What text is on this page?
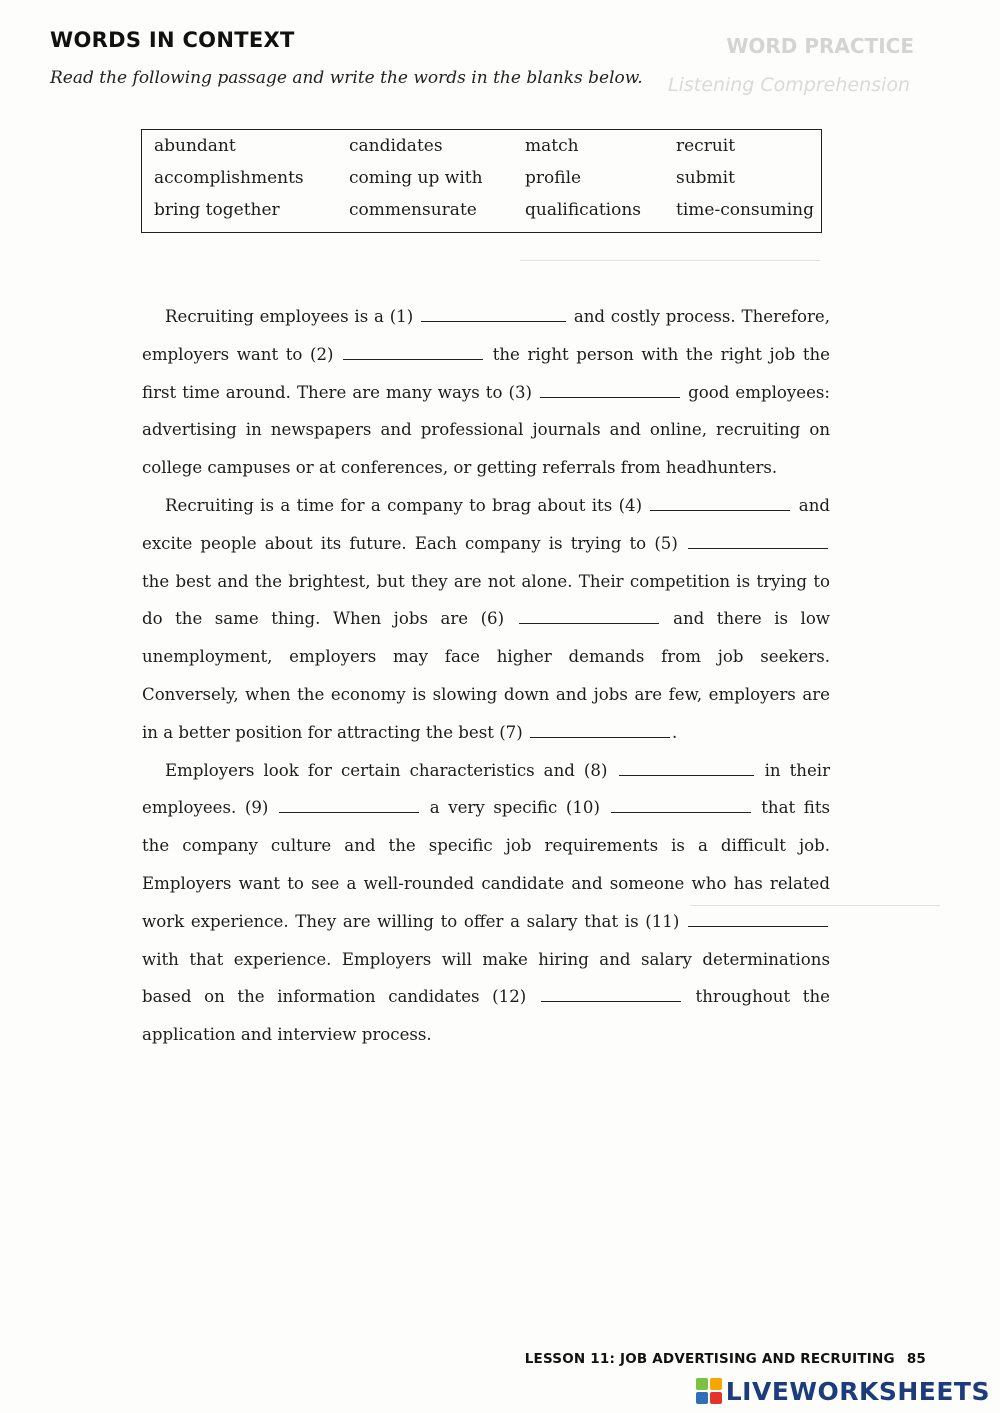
WORD PRACTICE
Listening Comprehension
WORDS IN CONTEXT
Read the following passage and write the words in the blanks below.
abundant	candidates	match	recruit
accomplishments	coming up with	profile	submit
bring together	commensurate	qualifications	time-consuming

Recruiting employees is a (1)	and costly process. Therefore, employers want to (2)	the right person with the right job the first time around. There are many ways to (3)	good employees: advertising in newspapers and professional journals and online, recruiting on college campuses or at conferences, or getting referrals from headhunters.

Recruiting is a time for a company to brag about its (4)	and excite people about its future. Each company is trying to (5)  the best and the brightest, but they are not alone. Their competition is trying to do the same thing. When jobs are (6)	and there is low unemployment, employers may face higher demands from job seekers. Conversely, when the economy is slowing down and jobs are few, employers are in a better position for attracting the best (7)	.

Employers look for certain characteristics and (8)	in their employees. (9)	a very specific (10)	that fits the company culture and the specific job requirements is a difficult job. Employers want to see a well-rounded candidate and someone who has related work experience. They are willing to offer a salary that is (11)  with that experience. Employers will make hiring and salary determinations based on the information candidates (12)	throughout the application and interview process.

LESSON 11: JOB ADVERTISING AND RECRUITING 85
LIVEWORKSHEETS
